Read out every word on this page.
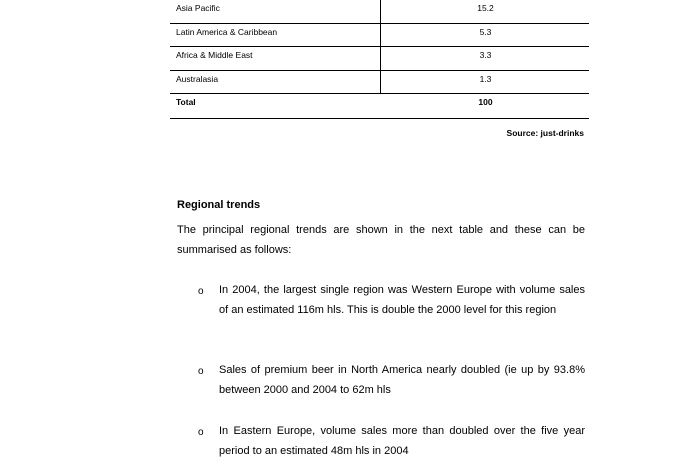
Asia Pacific	15.2
Latin America & Caribbean	5.3
Africa & Middle East	3.3
Australasia	1.3
Total	100
Source: just-drinks
Regional trends
The principal regional trends are shown in the next table and these can be summarised as follows:
o In 2004, the largest single region was Western Europe with volume sales of an estimated 116m hls. This is double the 2000 level for this region
o Sales of premium beer in North America nearly doubled (ie up by 93.8% between 2000 and 2004 to 62m hls
o In Eastern Europe, volume sales more than doubled over the five year period to an estimated 48m hls in 2004
